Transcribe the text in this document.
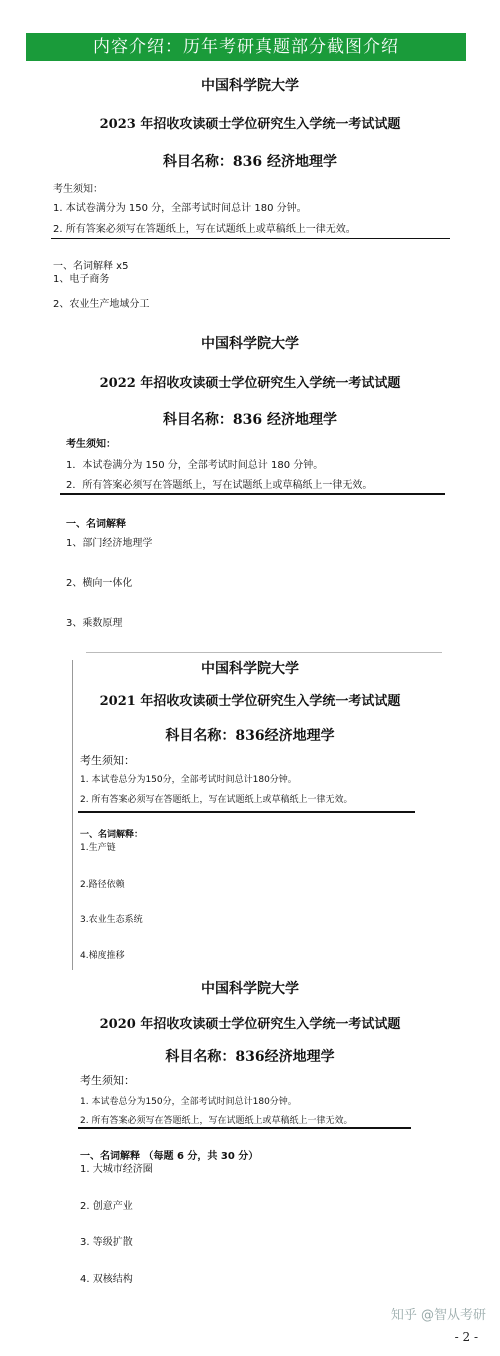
内容介绍：历年考研真题部分截图介绍
中国科学院大学
2023 年招收攻读硕士学位研究生入学统一考试试题
科目名称：836 经济地理学
考生须知：
1. 本试卷满分为 150 分，全部考试时间总计 180 分钟。
2. 所有答案必须写在答题纸上，写在试题纸上或草稿纸上一律无效。
一、名词解释 x5
1、电子商务
2、农业生产地域分工
中国科学院大学
2022 年招收攻读硕士学位研究生入学统一考试试题
科目名称：836 经济地理学
考生须知：
1．本试卷满分为 150 分，全部考试时间总计 180 分钟。
2．所有答案必须写在答题纸上，写在试题纸上或草稿纸上一律无效。
一、名词解释
1、部门经济地理学
2、横向一体化
3、乘数原理
中国科学院大学
2021 年招收攻读硕士学位研究生入学统一考试试题
科目名称：836经济地理学
考生须知：
1. 本试卷总分为150分，全部考试时间总计180分钟。
2. 所有答案必须写在答题纸上，写在试题纸上或草稿纸上一律无效。
一、名词解释：
1.生产链
2.路径依赖
3.农业生态系统
4.梯度推移
中国科学院大学
2020 年招收攻读硕士学位研究生入学统一考试试题
科目名称：836经济地理学
考生须知：
1. 本试卷总分为150分，全部考试时间总计180分钟。
2. 所有答案必须写在答题纸上，写在试题纸上或草稿纸上一律无效。
一、名词解释 （每题 6 分，共 30 分）
1. 大城市经济圈
2. 创意产业
3. 等级扩散
4. 双核结构
知乎 @智从考研
- 2 -
